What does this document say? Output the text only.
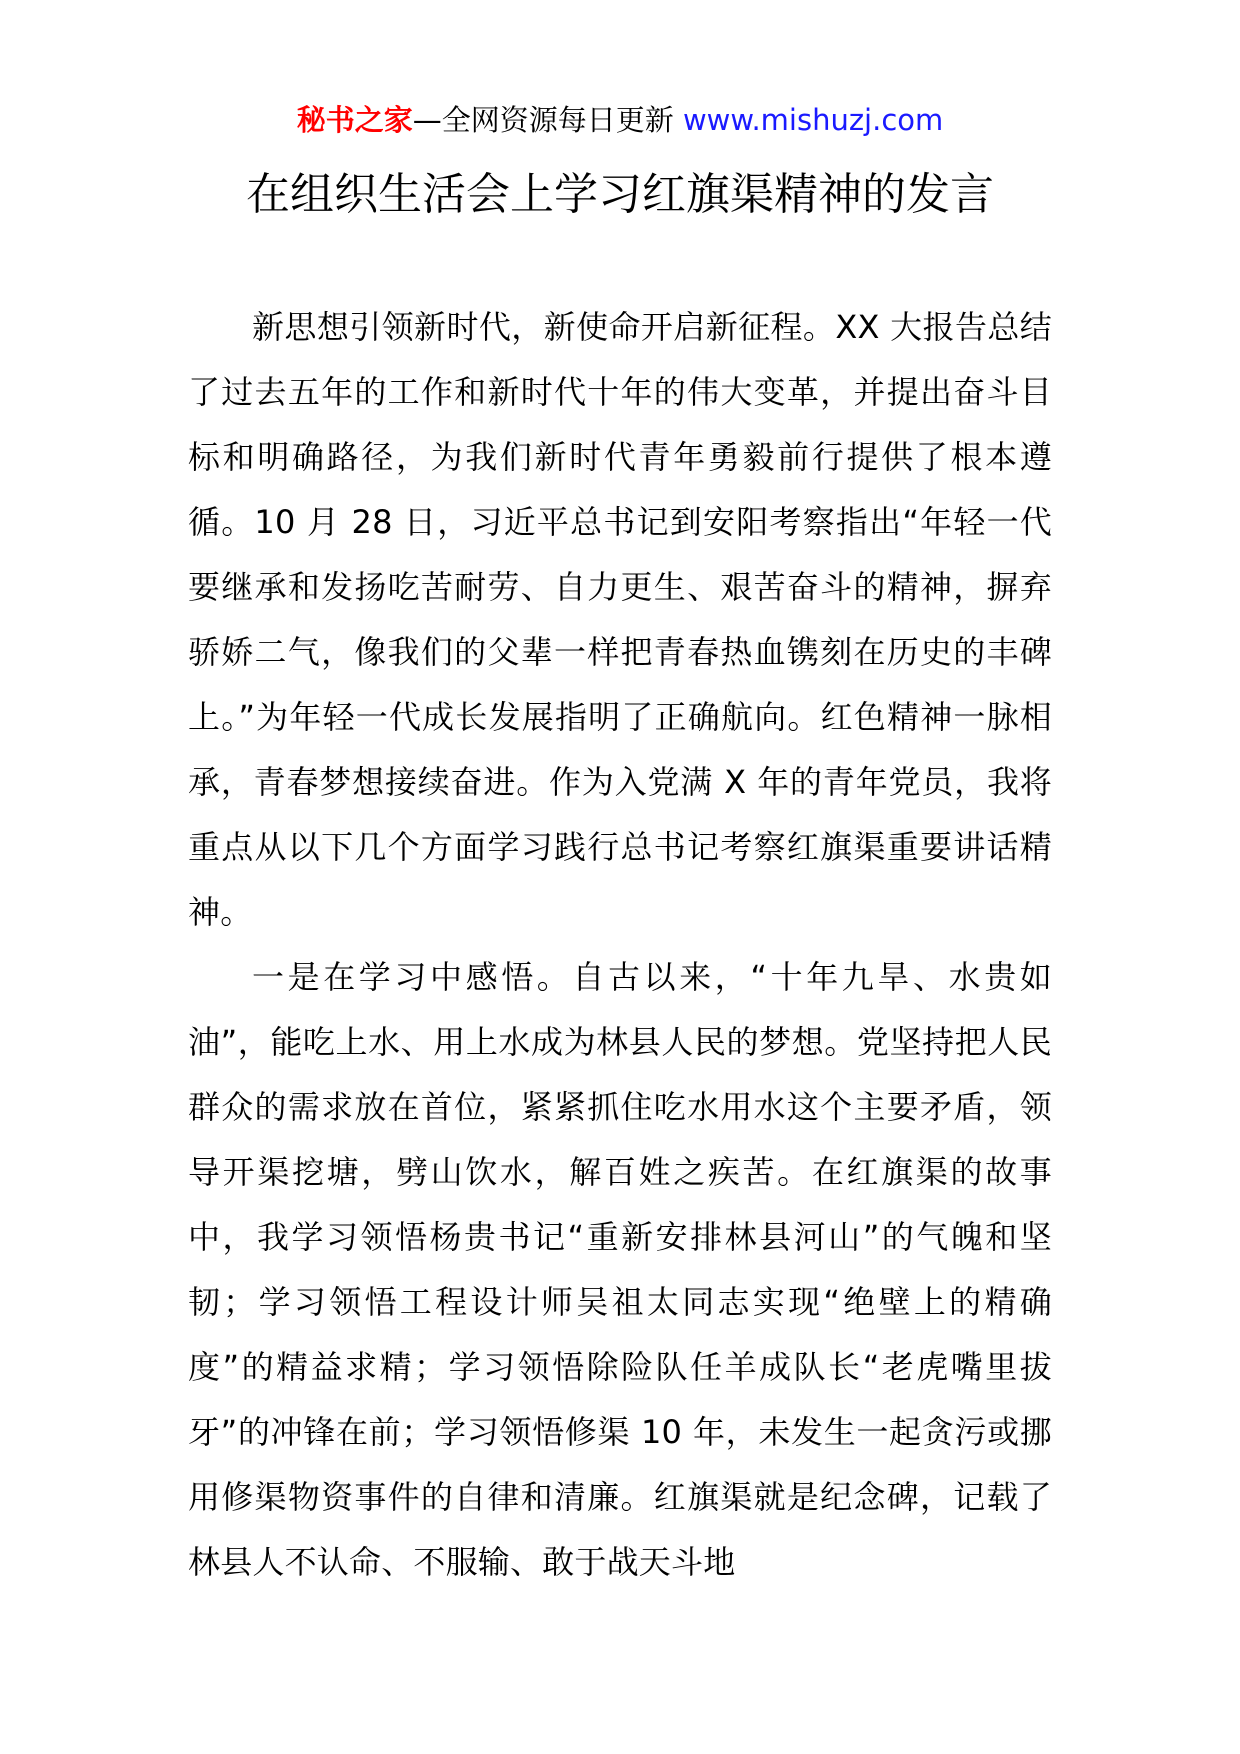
秘书之家—全网资源每日更新 www.mishuzj.com
在组织生活会上学习红旗渠精神的发言

新思想引领新时代，新使命开启新征程。XX 大报告总结了过去五年的工作和新时代十年的伟大变革，并提出奋斗目标和明确路径，为我们新时代青年勇毅前行提供了根本遵循。10 月 28 日，习近平总书记到安阳考察指出“年轻一代要继承和发扬吃苦耐劳、自力更生、艰苦奋斗的精神，摒弃骄娇二气，像我们的父辈一样把青春热血镌刻在历史的丰碑上。”为年轻一代成长发展指明了正确航向。红色精神一脉相承，青春梦想接续奋进。作为入党满 X 年的青年党员，我将重点从以下几个方面学习践行总书记考察红旗渠重要讲话精神。

一是在学习中感悟。自古以来，“十年九旱、水贵如油”，能吃上水、用上水成为林县人民的梦想。党坚持把人民群众的需求放在首位，紧紧抓住吃水用水这个主要矛盾，领导开渠挖塘，劈山饮水，解百姓之疾苦。在红旗渠的故事中，我学习领悟杨贵书记“重新安排林县河山”的气魄和坚韧；学习领悟工程设计师吴祖太同志实现“绝壁上的精确度”的精益求精；学习领悟除险队任羊成队长“老虎嘴里拔牙”的冲锋在前；学习领悟修渠 10 年，未发生一起贪污或挪用修渠物资事件的自律和清廉。红旗渠就是纪念碑，记载了林县人不认命、不服输、敢于战天斗地
